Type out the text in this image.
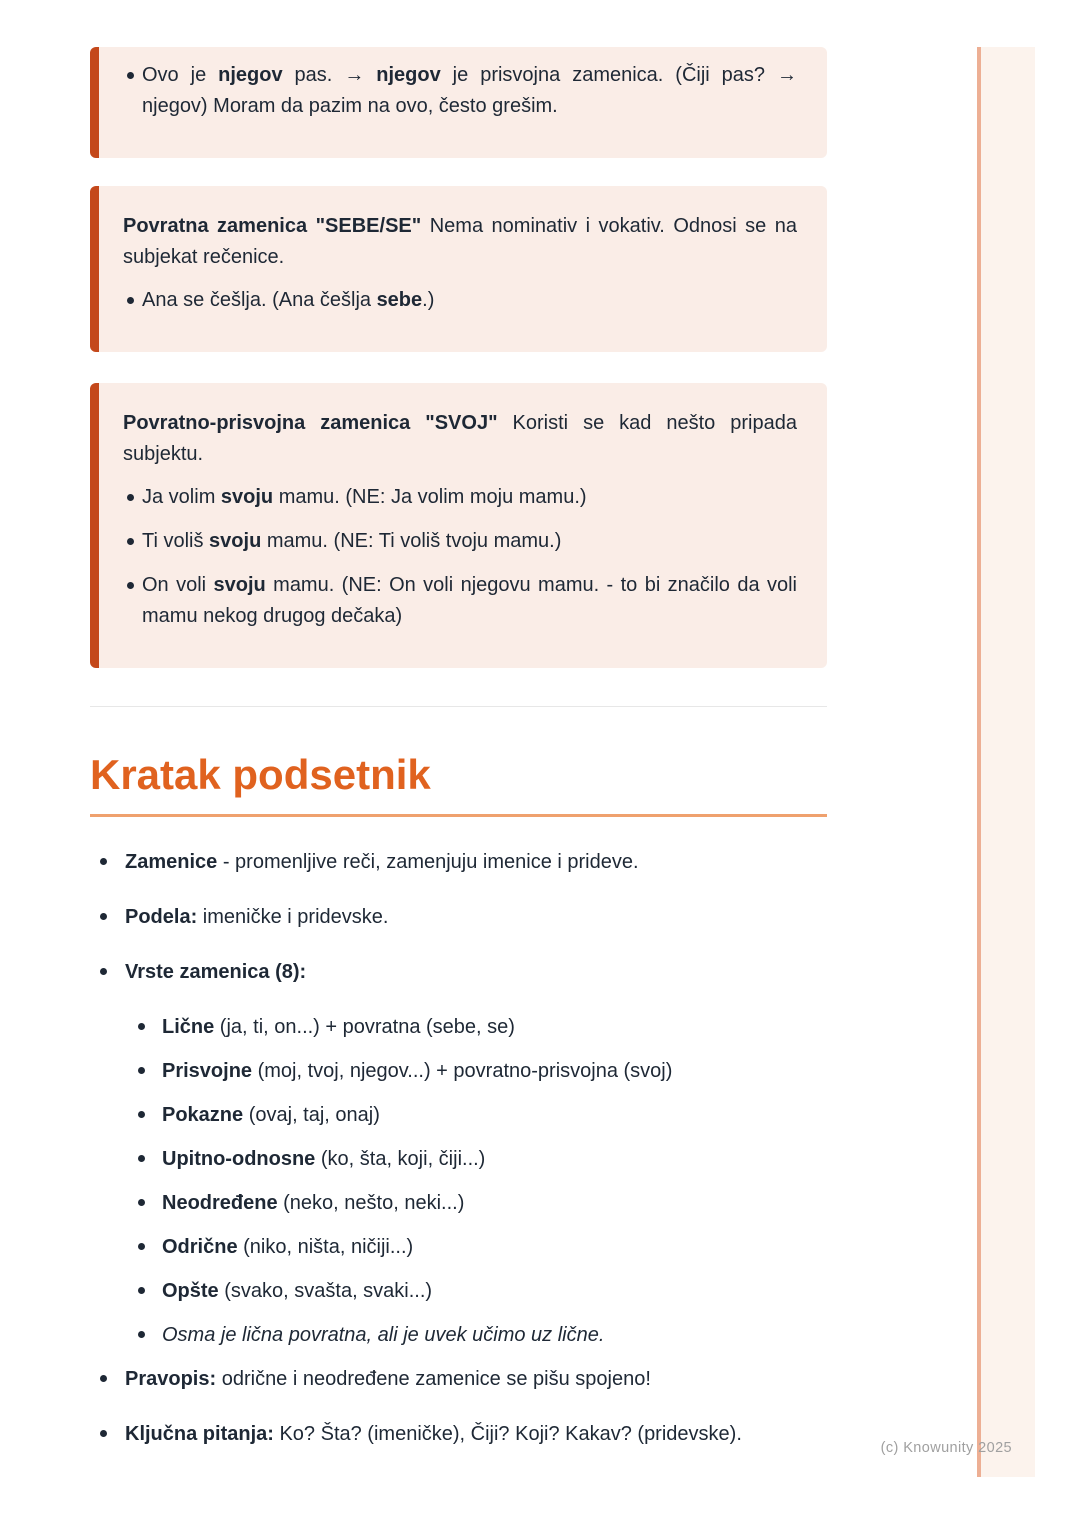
(c) Knowunity 2025
Ovo je njegov pas. → njegov je prisvojna zamenica. (Čiji pas? → njegov) Moram da pazim na ovo, često grešim.

Povratna zamenica "SEBE/SE" Nema nominativ i vokativ. Odnosi se na subjekat rečenice.

Ana se češlja. (Ana češlja sebe.)

Povratno-prisvojna zamenica "SVOJ" Koristi se kad nešto pripada subjektu.

Ja volim svoju mamu. (NE: Ja volim moju mamu.)
Ti voliš svoju mamu. (NE: Ti voliš tvoju mamu.)
On voli svoju mamu. (NE: On voli njegovu mamu. - to bi značilo da voli mamu nekog drugog dečaka)
Kratak podsetnik
Zamenice - promenljive reči, zamenjuju imenice i prideve.
Podela: imeničke i pridevske.
Vrste zamenica (8):
Lične (ja, ti, on...) + povratna (sebe, se)
Prisvojne (moj, tvoj, njegov...) + povratno-prisvojna (svoj)
Pokazne (ovaj, taj, onaj)
Upitno-odnosne (ko, šta, koji, čiji...)
Neodređene (neko, nešto, neki...)
Odrične (niko, ništa, ničiji...)
Opšte (svako, svašta, svaki...)
Osma je lična povratna, ali je uvek učimo uz lične.
Pravopis: odrične i neodređene zamenice se pišu spojeno!
Ključna pitanja: Ko? Šta? (imeničke), Čiji? Koji? Kakav? (pridevske).
